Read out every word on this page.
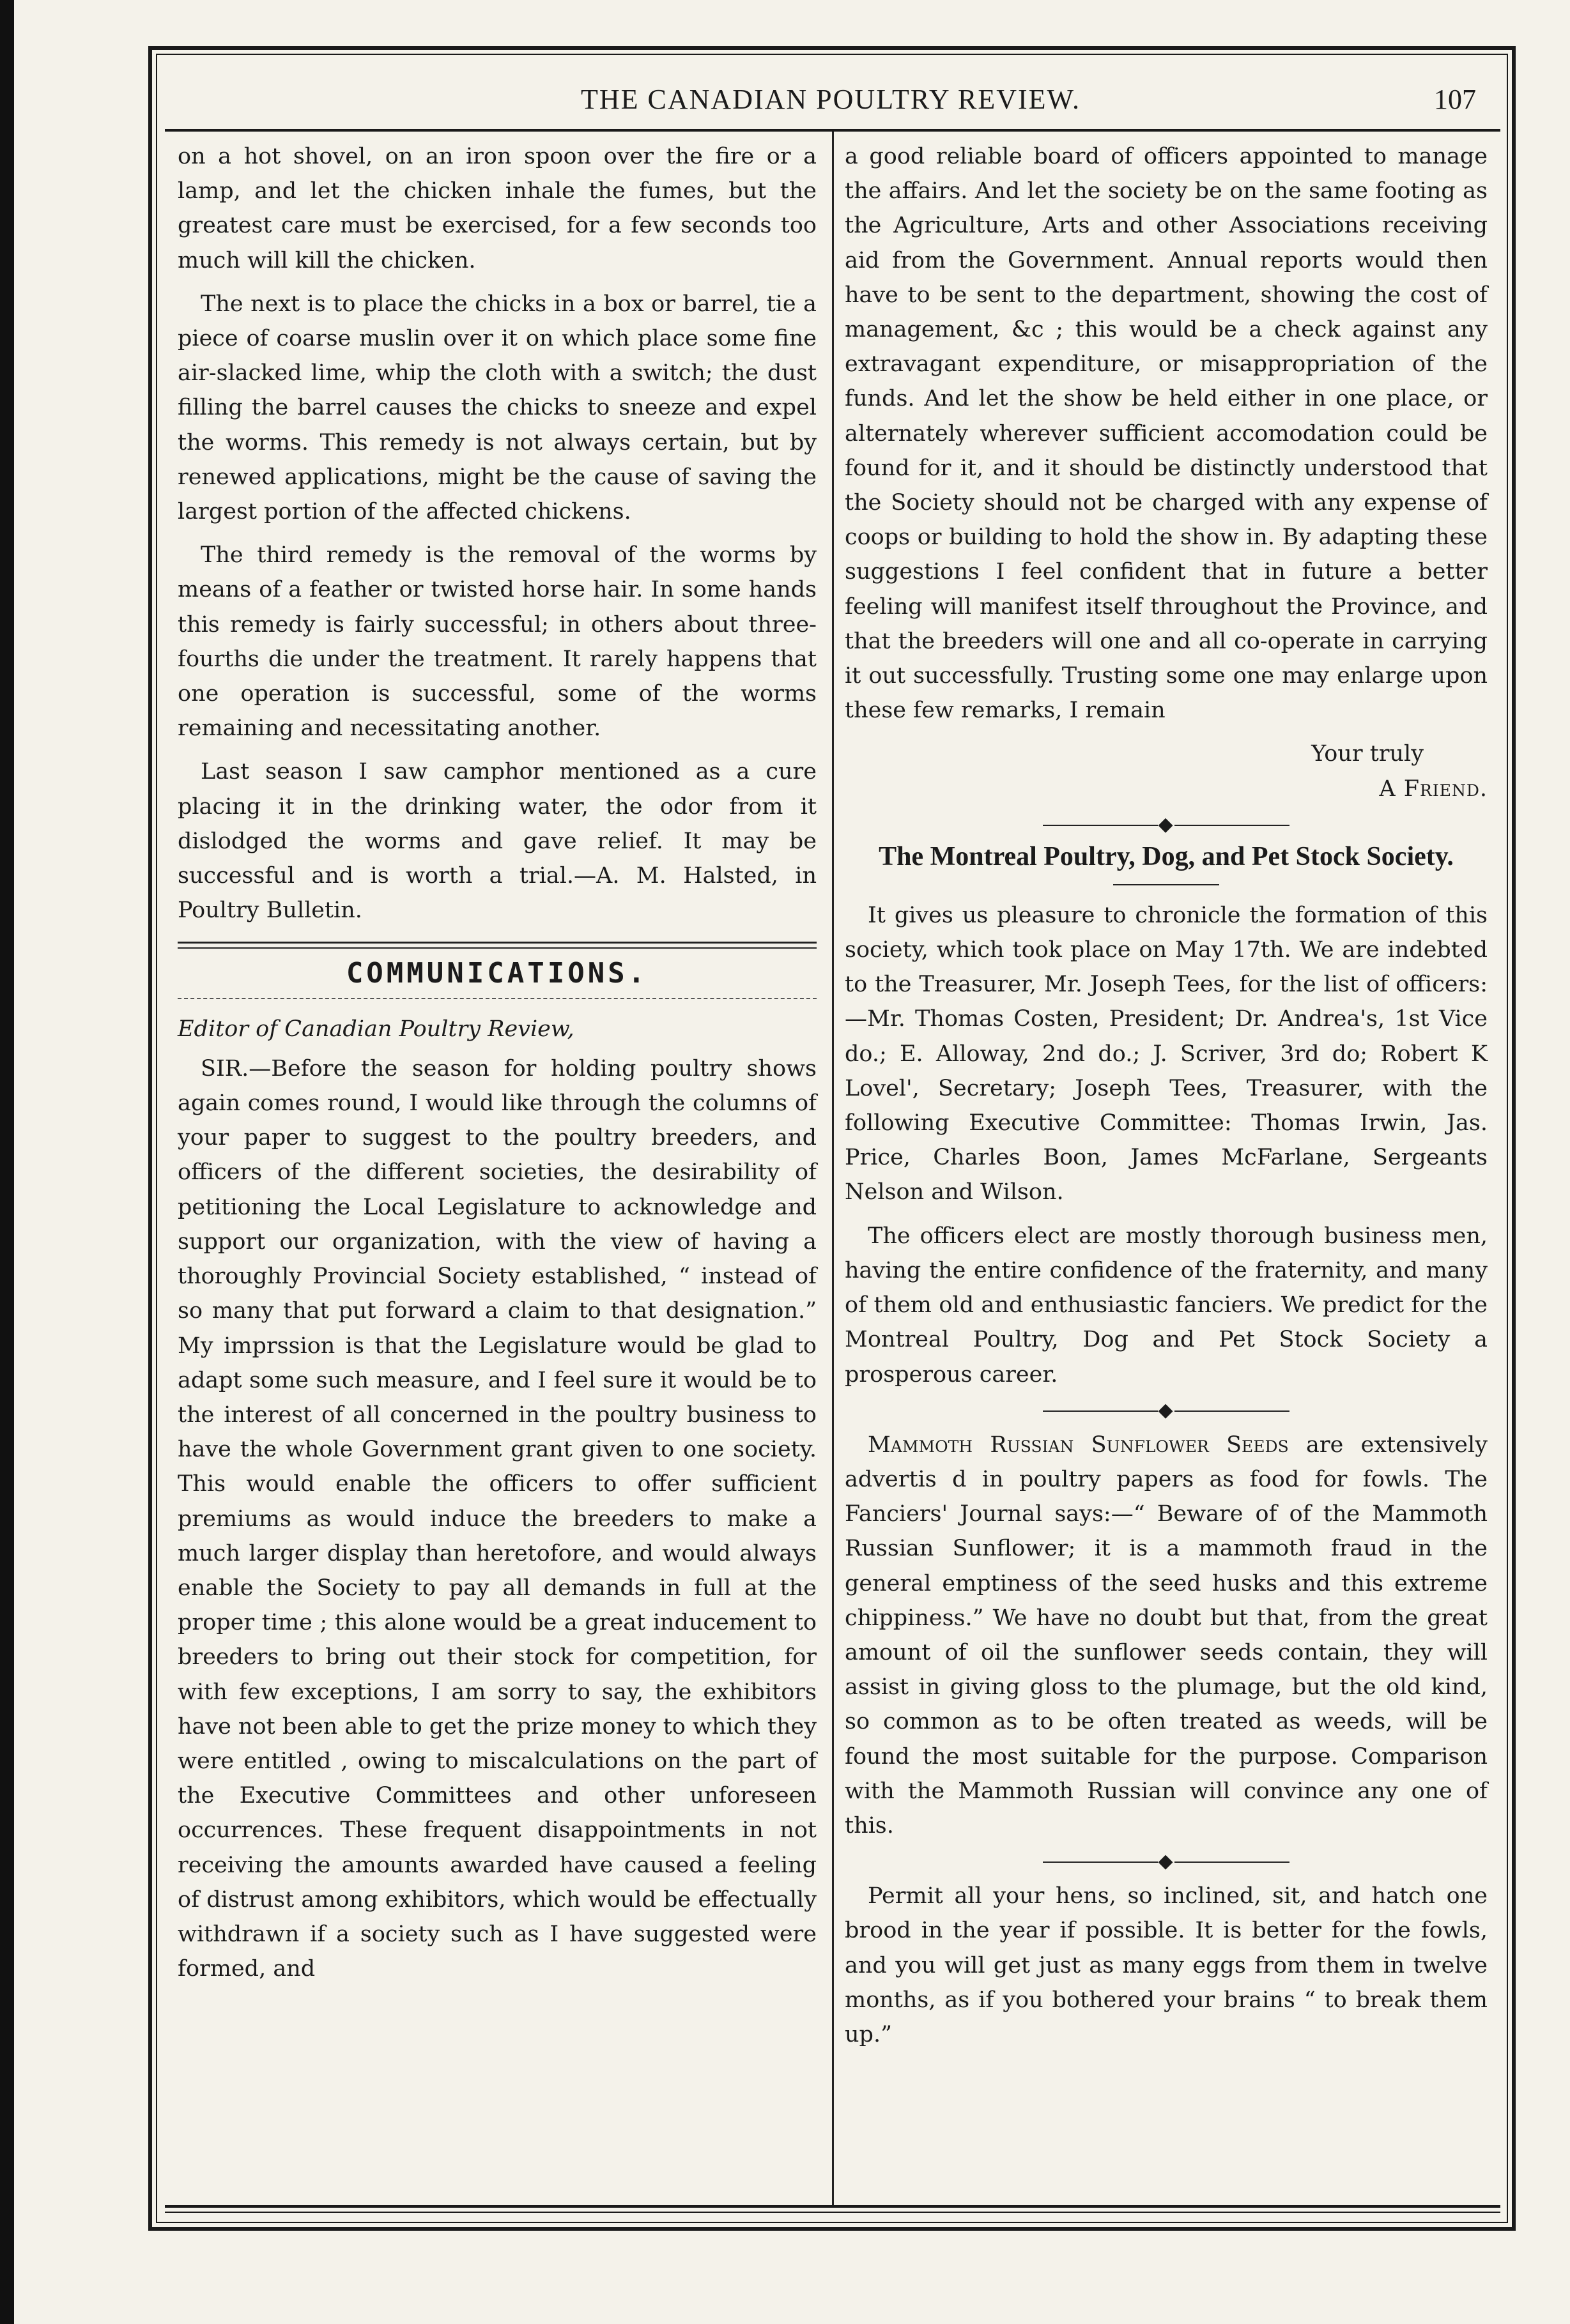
THE CANADIAN POULTRY REVIEW.	107

on a hot shovel, on an iron spoon over the fire or a lamp, and let the chicken inhale the fumes, but the greatest care must be exercised, for a few seconds too much will kill the chicken.

The next is to place the chicks in a box or barrel, tie a piece of coarse muslin over it on which place some fine air-slacked lime, whip the cloth with a switch; the dust filling the barrel causes the chicks to sneeze and expel the worms. This remedy is not always certain, but by renewed applications, might be the cause of saving the largest portion of the affected chickens.

The third remedy is the removal of the worms by means of a feather or twisted horse hair. In some hands this remedy is fairly successful; in others about three-fourths die under the treatment. It rarely happens that one operation is successful, some of the worms remaining and necessitating another.

Last season I saw camphor mentioned as a cure placing it in the drinking water, the odor from it dislodged the worms and gave relief. It may be successful and is worth a trial.—A. M. Halsted, in Poultry Bulletin.

COMMUNICATIONS.

Editor of Canadian Poultry Review,

SIR.—Before the season for holding poultry shows again comes round, I would like through the columns of your paper to suggest to the poultry breeders, and officers of the different societies, the desirability of petitioning the Local Legislature to acknowledge and support our organization, with the view of having a thoroughly Provincial Society established, “ instead of so many that put forward a claim to that designation.” My imprssion is that the Legislature would be glad to adapt some such measure, and I feel sure it would be to the interest of all concerned in the poultry business to have the whole Government grant given to one society. This would enable the officers to offer sufficient premiums as would induce the breeders to make a much larger display than heretofore, and would always enable the Society to pay all demands in full at the proper time ; this alone would be a great inducement to breeders to bring out their stock for competition, for with few exceptions, I am sorry to say, the exhibitors have not been able to get the prize money to which they were entitled , owing to miscalculations on the part of the Executive Committees and other unforeseen occurrences. These frequent disappointments in not receiving the amounts awarded have caused a feeling of distrust among exhibitors, which would be effectually withdrawn if a society such as I have suggested were formed, and

a good reliable board of officers appointed to manage the affairs. And let the society be on the same footing as the Agriculture, Arts and other Associations receiving aid from the Government. Annual reports would then have to be sent to the department, showing the cost of management, &c ; this would be a check against any extravagant expenditure, or misappropriation of the funds. And let the show be held either in one place, or alternately wherever sufficient accomodation could be found for it, and it should be distinctly understood that the Society should not be charged with any expense of coops or building to hold the show in. By adapting these suggestions I feel confident that in future a better feeling will manifest itself throughout the Province, and that the breeders will one and all co-operate in carrying it out successfully. Trusting some one may enlarge upon these few remarks, I remain

Your truly

A Friend.

◆
The Montreal Poultry, Dog, and Pet Stock Society.

It gives us pleasure to chronicle the formation of this society, which took place on May 17th. We are indebted to the Treasurer, Mr. Joseph Tees, for the list of officers:—Mr. Thomas Costen, President; Dr. Andrea's, 1st Vice do.; E. Alloway, 2nd do.; J. Scriver, 3rd do; Robert K Lovel', Secretary; Joseph Tees, Treasurer, with the following Executive Committee: Thomas Irwin, Jas. Price, Charles Boon, James McFarlane, Sergeants Nelson and Wilson.

The officers elect are mostly thorough business men, having the entire confidence of the fraternity, and many of them old and enthusiastic fanciers. We predict for the Montreal Poultry, Dog and Pet Stock Society a prosperous career.

◆

Mammoth Russian Sunflower Seeds are extensively advertis d in poultry papers as food for fowls. The Fanciers' Journal says:—“ Beware of of the Mammoth Russian Sunflower; it is a mammoth fraud in the general emptiness of the seed husks and this extreme chippiness.” We have no doubt but that, from the great amount of oil the sunflower seeds contain, they will assist in giving gloss to the plumage, but the old kind, so common as to be often treated as weeds, will be found the most suitable for the purpose. Comparison with the Mammoth Russian will convince any one of this.

◆

Permit all your hens, so inclined, sit, and hatch one brood in the year if possible. It is better for the fowls, and you will get just as many eggs from them in twelve months, as if you bothered your brains “ to break them up.”
